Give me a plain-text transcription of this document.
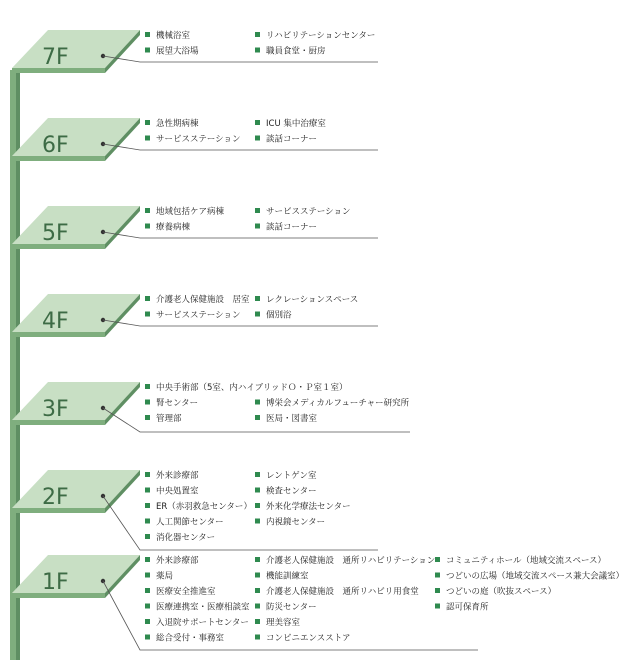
7F
機械浴室
展望大浴場
リハビリテーションセンター
職員食堂・厨房
6F
急性期病棟
サービスステーション
ICU 集中治療室
談話コーナー
5F
地域包括ケア病棟
療養病棟
サービスステーション
談話コーナー
4F
介護老人保健施設　居室
サービスステーション
レクレーションスペース
個別浴
3F
中央手術部（5室、内ハイブリッドＯ・Ｐ室１室）
腎センター
管理部
博栄会メディカルフューチャー研究所
医局・図書室
2F
外来診療部
中央処置室
ER（赤羽救急センター）
人工関節センター
消化器センター
レントゲン室
検査センター
外来化学療法センター
内視鏡センター
1F
外来診療部
薬局
医療安全推進室
医療連携室・医療相談室
入退院サポートセンター
総合受付・事務室
介護老人保健施設　通所リハビリテーション
機能訓練室
介護老人保健施設　通所リハビリ用食堂
防災センター
理美容室
コンビニエンスストア
コミュニティホール（地域交流スペース）
つどいの広場（地域交流スペース兼大会議室）
つどいの庭（吹抜スペース）
認可保育所
